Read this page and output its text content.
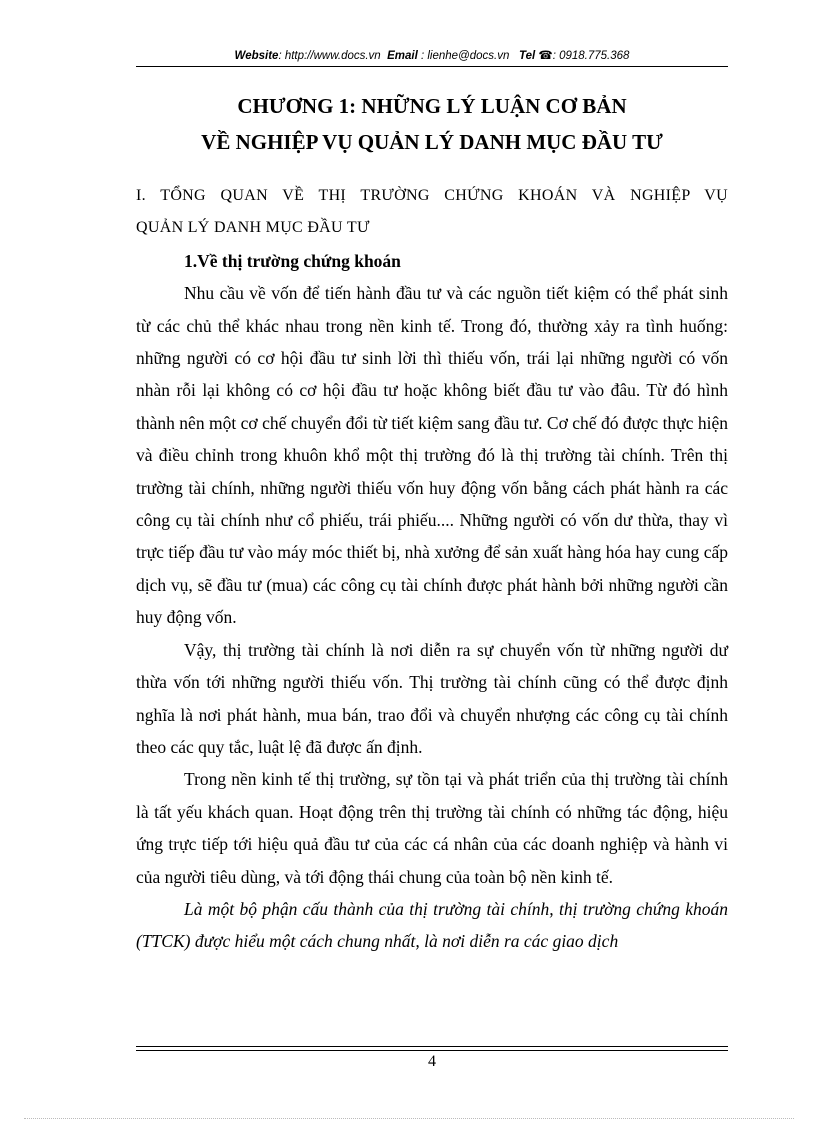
Website: http://www.docs.vn Email : lienhe@docs.vn Tel ☎: 0918.775.368
CHƯƠNG 1: NHỮNG LÝ LUẬN CƠ BẢN
VỀ NGHIỆP VỤ QUẢN LÝ DANH MỤC ĐẦU TƯ

I. TỔNG QUAN VỀ THỊ TRƯỜNG CHỨNG KHOÁN VÀ NGHIỆP VỤ
QUẢN LÝ DANH MỤC ĐẦU TƯ

1.Về thị trường chứng khoán

Nhu cầu về vốn để tiến hành đầu tư và các nguồn tiết kiệm có thể phát sinh từ các chủ thể khác nhau trong nền kinh tế. Trong đó, thường xảy ra tình huống: những người có cơ hội đầu tư sinh lời thì thiếu vốn, trái lại những người có vốn nhàn rỗi lại không có cơ hội đầu tư hoặc không biết đầu tư vào đâu. Từ đó hình thành nên một cơ chế chuyển đổi từ tiết kiệm sang đầu tư. Cơ chế đó được thực hiện và điều chỉnh trong khuôn khổ một thị trường đó là thị trường tài chính. Trên thị trường tài chính, những người thiếu vốn huy động vốn bằng cách phát hành ra các công cụ tài chính như cổ phiếu, trái phiếu.... Những người có vốn dư thừa, thay vì trực tiếp đầu tư vào máy móc thiết bị, nhà xưởng để sản xuất hàng hóa hay cung cấp dịch vụ, sẽ đầu tư (mua) các công cụ tài chính được phát hành bởi những người cần huy động vốn.

Vậy, thị trường tài chính là nơi diễn ra sự chuyển vốn từ những người dư thừa vốn tới những người thiếu vốn. Thị trường tài chính cũng có thể được định nghĩa là nơi phát hành, mua bán, trao đổi và chuyển nhượng các công cụ tài chính theo các quy tắc, luật lệ đã được ấn định.

Trong nền kinh tế thị trường, sự tồn tại và phát triển của thị trường tài chính là tất yếu khách quan. Hoạt động trên thị trường tài chính có những tác động, hiệu ứng trực tiếp tới hiệu quả đầu tư của các cá nhân của các doanh nghiệp và hành vi của người tiêu dùng, và tới động thái chung của toàn bộ nền kinh tế.

Là một bộ phận cấu thành của thị trường tài chính, thị trường chứng khoán (TTCK) được hiểu một cách chung nhất, là nơi diễn ra các giao dịch

4
